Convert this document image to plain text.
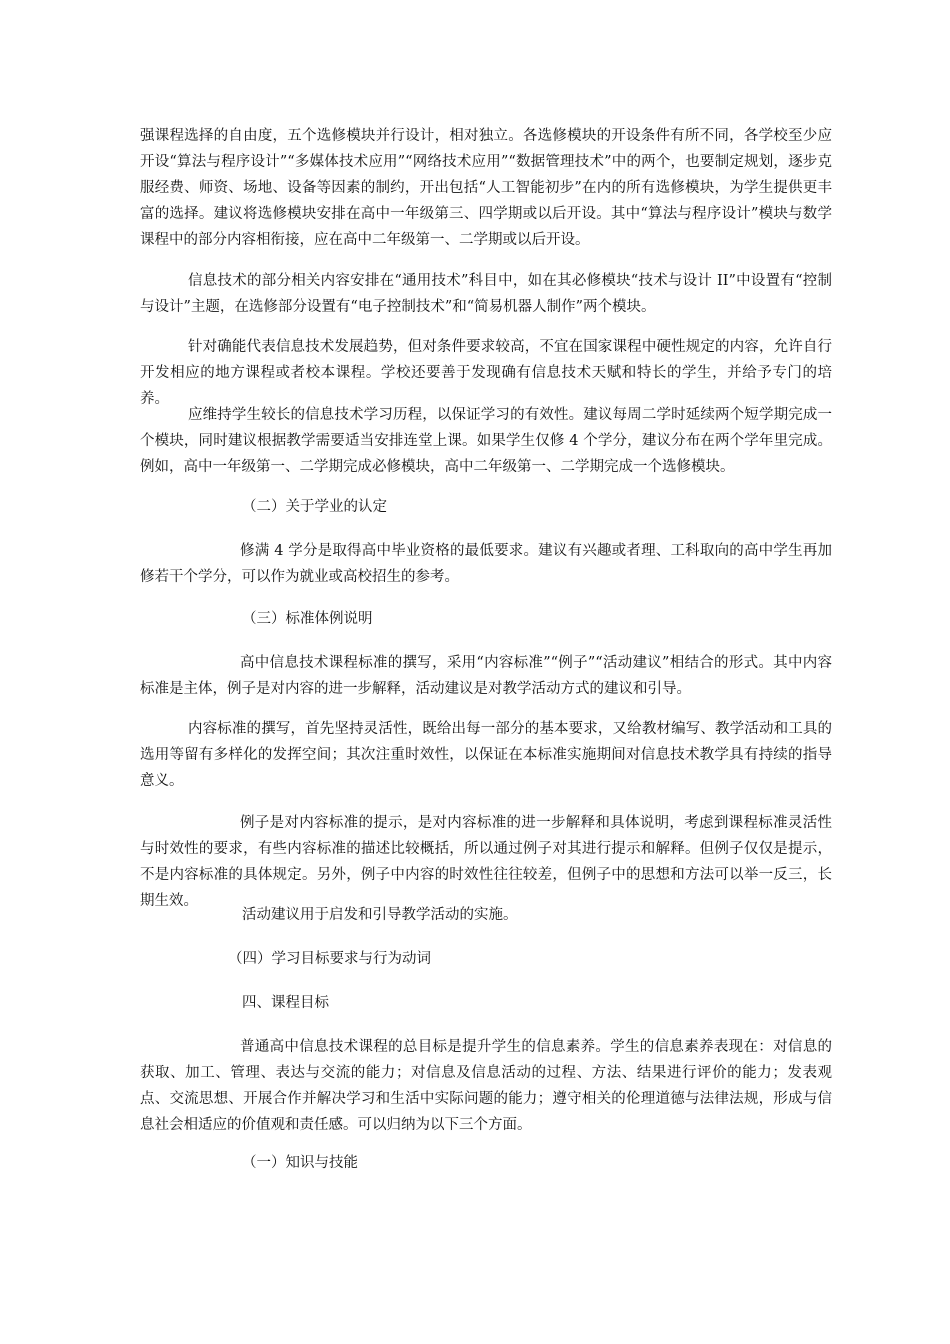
强课程选择的自由度，五个选修模块并行设计，相对独立。各选修模块的开设条件有所不同，各学校至少应开设“算法与程序设计”“多媒体技术应用”“网络技术应用”“数据管理技术”中的两个，也要制定规划，逐步克服经费、师资、场地、设备等因素的制约，开出包括“人工智能初步”在内的所有选修模块，为学生提供更丰富的选择。建议将选修模块安排在高中一年级第三、四学期或以后开设。其中“算法与程序设计”模块与数学课程中的部分内容相衔接，应在高中二年级第一、二学期或以后开设。
信息技术的部分相关内容安排在“通用技术”科目中，如在其必修模块“技术与设计 II”中设置有“控制与设计”主题，在选修部分设置有“电子控制技术”和“简易机器人制作”两个模块。
针对确能代表信息技术发展趋势，但对条件要求较高，不宜在国家课程中硬性规定的内容，允许自行开发相应的地方课程或者校本课程。学校还要善于发现确有信息技术天赋和特长的学生，并给予专门的培养。
应维持学生较长的信息技术学习历程，以保证学习的有效性。建议每周二学时延续两个短学期完成一个模块，同时建议根据教学需要适当安排连堂上课。如果学生仅修 4 个学分，建议分布在两个学年里完成。例如，高中一年级第一、二学期完成必修模块，高中二年级第一、二学期完成一个选修模块。
（二）关于学业的认定
修满 4 学分是取得高中毕业资格的最低要求。建议有兴趣或者理、工科取向的高中学生再加修若干个学分，可以作为就业或高校招生的参考。
（三）标准体例说明
高中信息技术课程标准的撰写，采用“内容标准”“例子”“活动建议”相结合的形式。其中内容标准是主体，例子是对内容的进一步解释，活动建议是对教学活动方式的建议和引导。
内容标准的撰写，首先坚持灵活性，既给出每一部分的基本要求，又给教材编写、教学活动和工具的选用等留有多样化的发挥空间；其次注重时效性，以保证在本标准实施期间对信息技术教学具有持续的指导意义。
例子是对内容标准的提示，是对内容标准的进一步解释和具体说明，考虑到课程标准灵活性与时效性的要求，有些内容标准的描述比较概括，所以通过例子对其进行提示和解释。但例子仅仅是提示，不是内容标准的具体规定。另外，例子中内容的时效性往往较差，但例子中的思想和方法可以举一反三，长期生效。
活动建议用于启发和引导教学活动的实施。
（四）学习目标要求与行为动词
四、课程目标
普通高中信息技术课程的总目标是提升学生的信息素养。学生的信息素养表现在：对信息的获取、加工、管理、表达与交流的能力；对信息及信息活动的过程、方法、结果进行评价的能力；发表观点、交流思想、开展合作并解决学习和生活中实际问题的能力；遵守相关的伦理道德与法律法规，形成与信息社会相适应的价值观和责任感。可以归纳为以下三个方面。
（一）知识与技能
